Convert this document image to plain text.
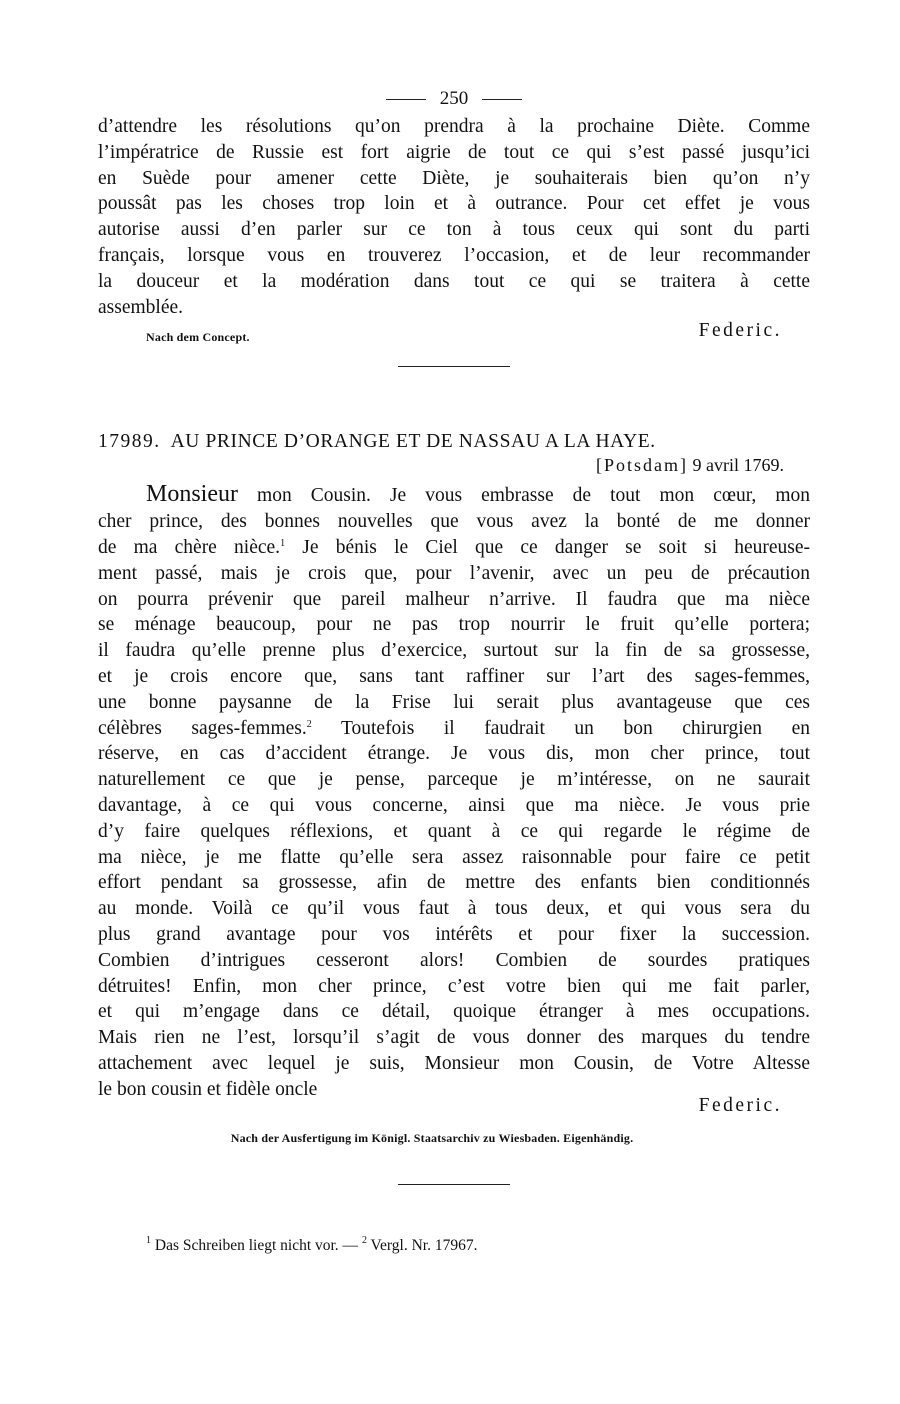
250
d’attendre les résolutions qu’on prendra à la prochaine Diète. Comme
l’impératrice de Russie est fort aigrie de tout ce qui s’est passé jusqu’ici
en Suède pour amener cette Diète, je souhaiterais bien qu’on n’y
poussât pas les choses trop loin et à outrance. Pour cet effet je vous
autorise aussi d’en parler sur ce ton à tous ceux qui sont du parti
français, lorsque vous en trouverez l’occasion, et de leur recommander
la douceur et la modération dans tout ce qui se traitera à cette
assemblée.
Nach dem Concept.	Federic.
17989. AU PRINCE D’ORANGE ET DE NASSAU A LA HAYE.
[Potsdam] 9 avril 1769.
Monsieur mon Cousin. Je vous embrasse de tout mon cœur, mon
cher prince, des bonnes nouvelles que vous avez la bonté de me donner
de ma chère nièce.$^1$ Je bénis le Ciel que ce danger se soit si heureuse-
ment passé, mais je crois que, pour l’avenir, avec un peu de précaution
on pourra prévenir que pareil malheur n’arrive. Il faudra que ma nièce
se ménage beaucoup, pour ne pas trop nourrir le fruit qu’elle portera;
il faudra qu’elle prenne plus d’exercice, surtout sur la fin de sa grossesse,
et je crois encore que, sans tant raffiner sur l’art des sages-femmes,
une bonne paysanne de la Frise lui serait plus avantageuse que ces
célèbres sages-femmes.$^2$ Toutefois il faudrait un bon chirurgien en
réserve, en cas d’accident étrange. Je vous dis, mon cher prince, tout
naturellement ce que je pense, parceque je m’intéresse, on ne saurait
davantage, à ce qui vous concerne, ainsi que ma nièce. Je vous prie
d’y faire quelques réflexions, et quant à ce qui regarde le régime de
ma nièce, je me flatte qu’elle sera assez raisonnable pour faire ce petit
effort pendant sa grossesse, afin de mettre des enfants bien conditionnés
au monde. Voilà ce qu’il vous faut à tous deux, et qui vous sera du
plus grand avantage pour vos intérêts et pour fixer la succession.
Combien d’intrigues cesseront alors! Combien de sourdes pratiques
détruites! Enfin, mon cher prince, c’est votre bien qui me fait parler,
et qui m’engage dans ce détail, quoique étranger à mes occupations.
Mais rien ne l’est, lorsqu’il s’agit de vous donner des marques du tendre
attachement avec lequel je suis, Monsieur mon Cousin, de Votre Altesse
le bon cousin et fidèle oncle
Federic.
Nach der Ausfertigung im Königl. Staatsarchiv zu Wiesbaden. Eigenhändig.
$^1$ Das Schreiben liegt nicht vor. — $^2$ Vergl. Nr. 17967.
